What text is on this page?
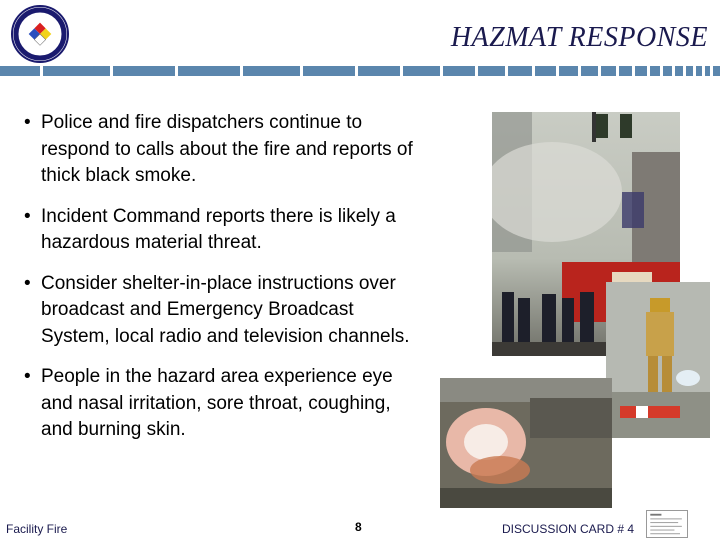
HAZMAT RESPONSE
• Police and fire dispatchers continue to respond to calls about the fire and reports of thick black smoke.
• Incident Command reports there is likely a hazardous material threat.
• Consider shelter-in-place instructions over broadcast and Emergency Broadcast System, local radio and television channels.
• People in the hazard area experience eye and nasal irritation, sore throat, coughing, and burning skin.
Facility Fire	8	DISCUSSION CARD # 4
